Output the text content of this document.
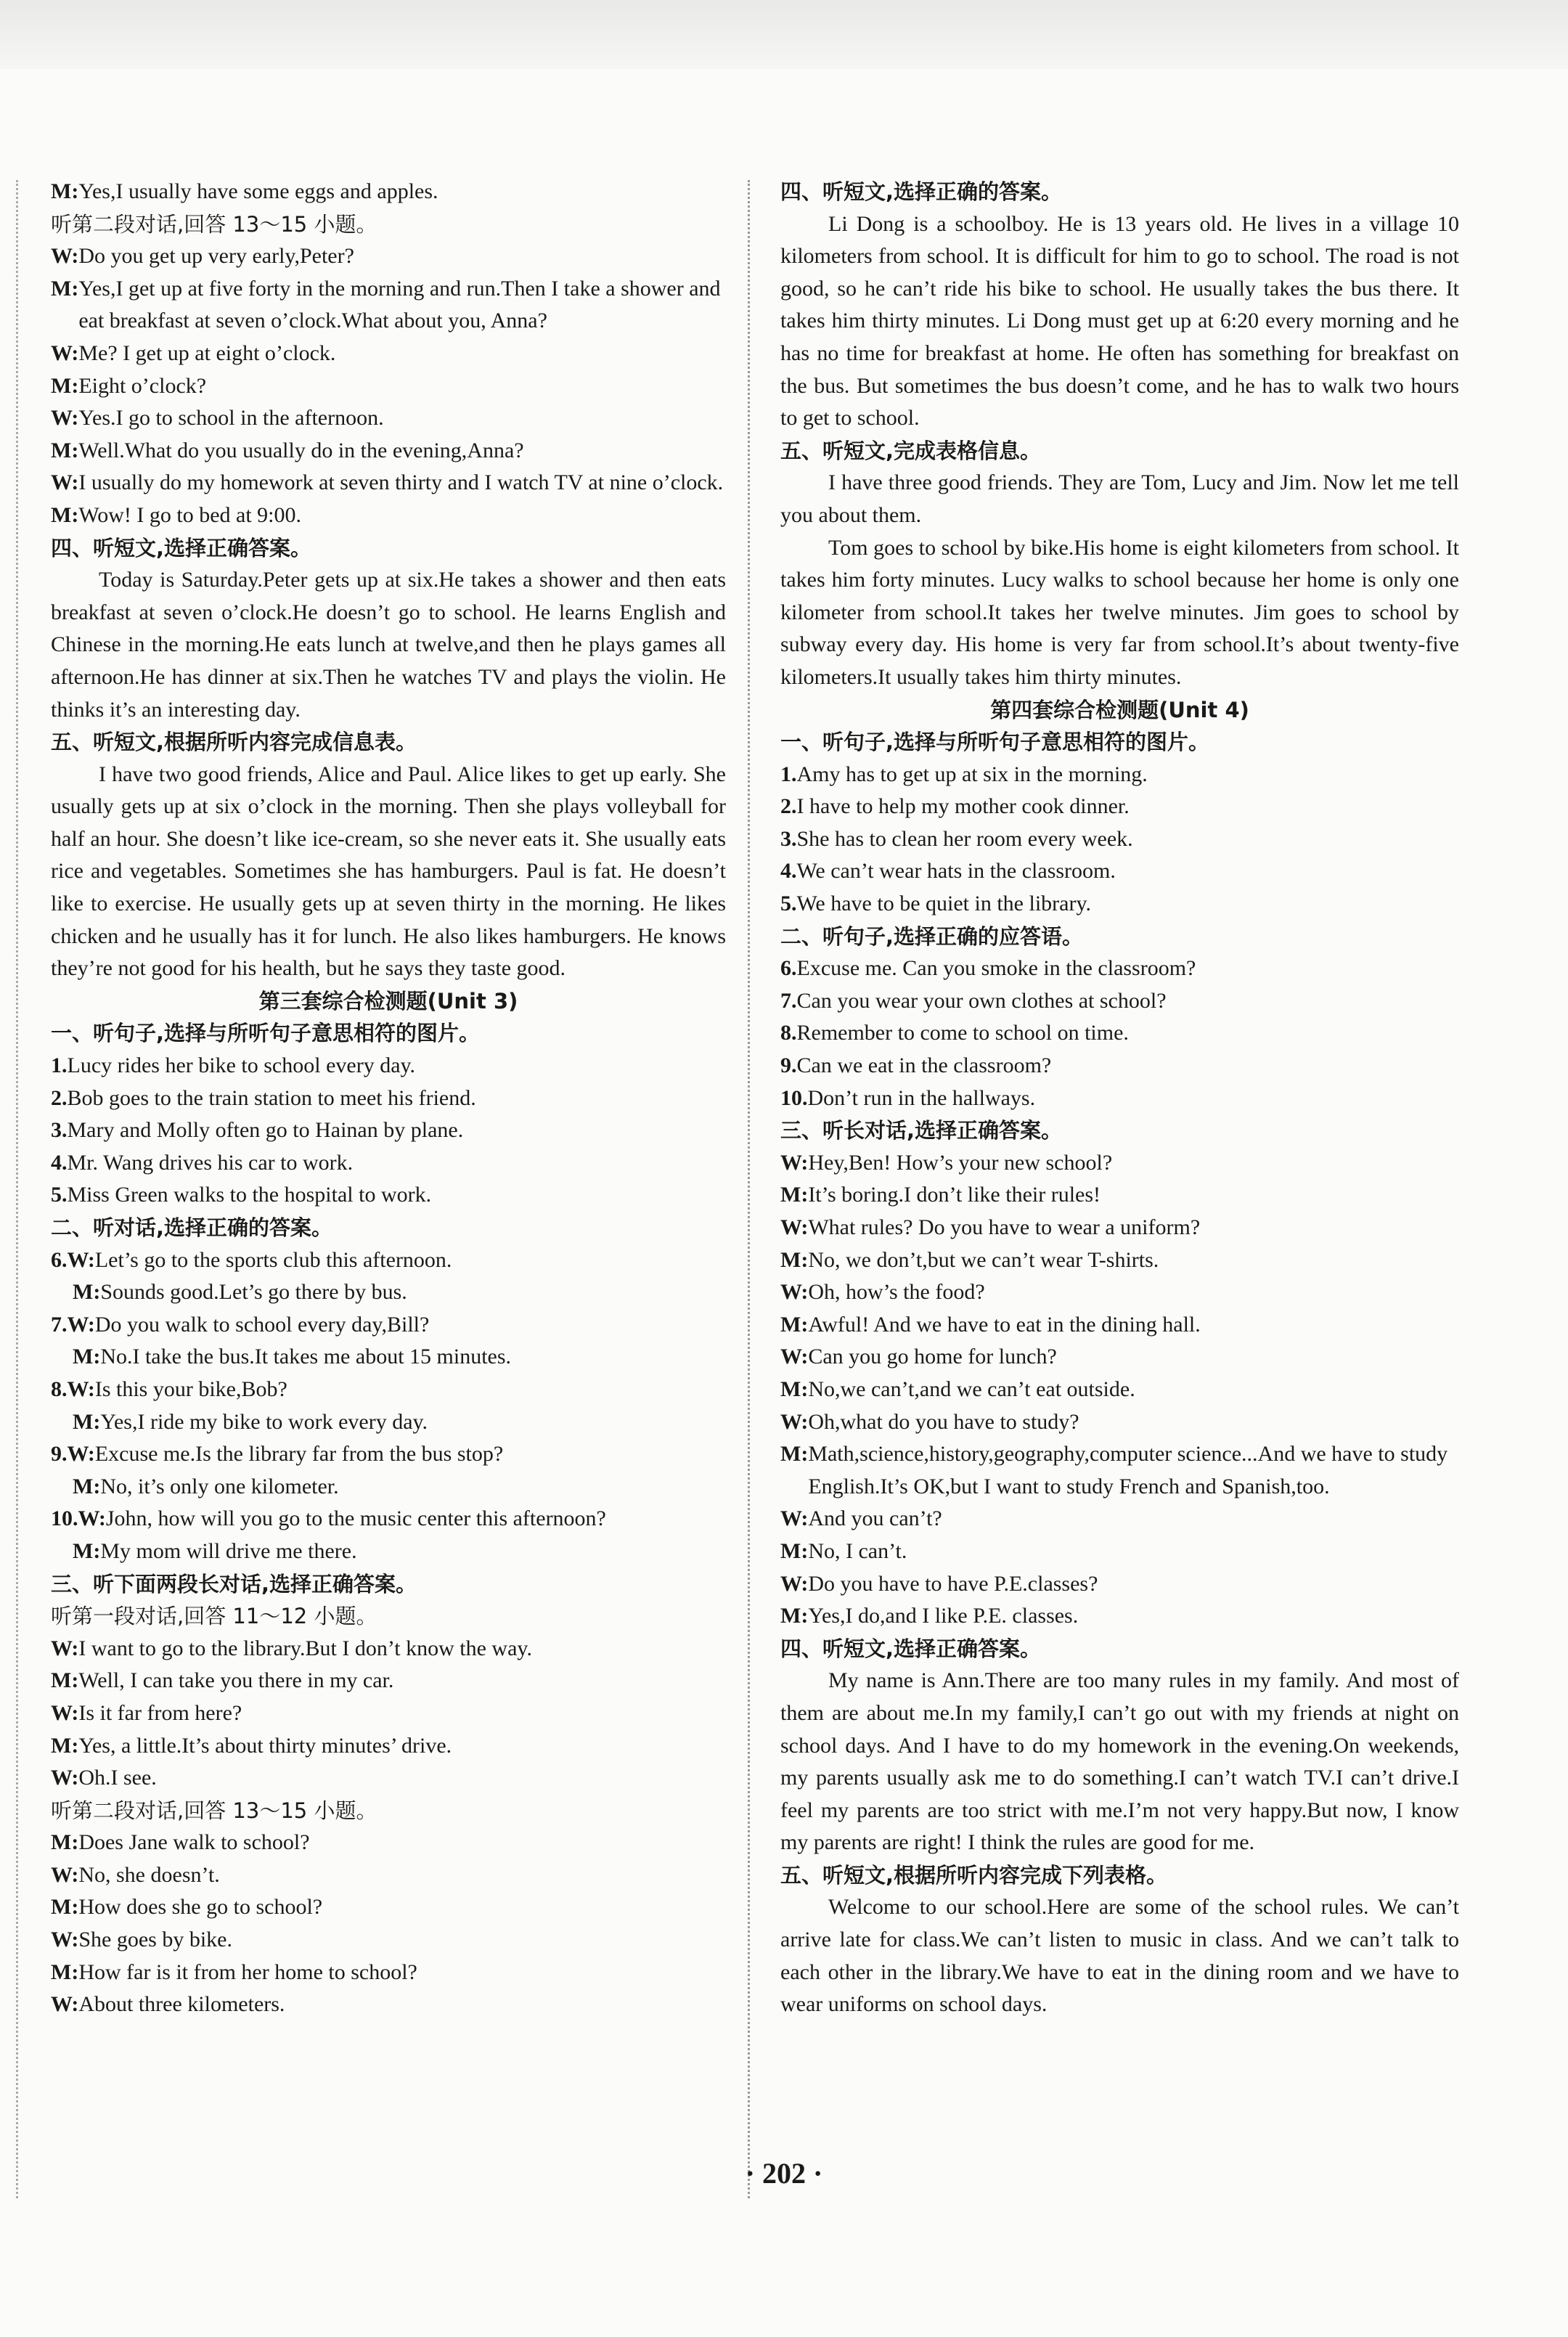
M: Yes,I usually have some eggs and apples.
听第二段对话,回答 13～15 小题。
W: Do you get up very early,Peter?
M: Yes,I get up at five forty in the morning and run.Then I take a shower and eat breakfast at seven o’clock.What about you, Anna?
W: Me? I get up at eight o’clock.
M: Eight o’clock?
W: Yes.I go to school in the afternoon.
M: Well.What do you usually do in the evening,Anna?
W: I usually do my homework at seven thirty and I watch TV at nine o’clock.
M: Wow! I go to bed at 9:00.
四、听短文,选择正确答案。
Today is Saturday.Peter gets up at six.He takes a shower and then eats breakfast at seven o’clock.He doesn’t go to school. He learns English and Chinese in the morning.He eats lunch at twelve,and then he plays games all afternoon.He has dinner at six.Then he watches TV and plays the violin. He thinks it’s an interesting day.
五、听短文,根据所听内容完成信息表。
I have two good friends, Alice and Paul. Alice likes to get up early. She usually gets up at six o’clock in the morning. Then she plays volleyball for half an hour. She doesn’t like ice-cream, so she never eats it. She usually eats rice and vegetables. Sometimes she has hamburgers. Paul is fat. He doesn’t like to exercise. He usually gets up at seven thirty in the morning. He likes chicken and he usually has it for lunch. He also likes hamburgers. He knows they’re not good for his health, but he says they taste good.
第三套综合检测题(Unit 3)
一、听句子,选择与所听句子意思相符的图片。
1.Lucy rides her bike to school every day.
2.Bob goes to the train station to meet his friend.
3.Mary and Molly often go to Hainan by plane.
4.Mr. Wang drives his car to work.
5.Miss Green walks to the hospital to work.
二、听对话,选择正确的答案。
6.W: Let’s go to the sports club this afternoon.
M: Sounds good.Let’s go there by bus.
7.W: Do you walk to school every day,Bill?
M: No.I take the bus.It takes me about 15 minutes.
8.W: Is this your bike,Bob?
M: Yes,I ride my bike to work every day.
9.W: Excuse me.Is the library far from the bus stop?
M: No, it’s only one kilometer.
10.W: John, how will you go to the music center this afternoon?
M: My mom will drive me there.
三、听下面两段长对话,选择正确答案。
听第一段对话,回答 11～12 小题。
W: I want to go to the library.But I don’t know the way.
M: Well, I can take you there in my car.
W: Is it far from here?
M: Yes, a little.It’s about thirty minutes’ drive.
W: Oh.I see.
听第二段对话,回答 13～15 小题。
M: Does Jane walk to school?
W: No, she doesn’t.
M: How does she go to school?
W: She goes by bike.
M: How far is it from her home to school?
W: About three kilometers.
四、听短文,选择正确的答案。
Li Dong is a schoolboy. He is 13 years old. He lives in a village 10 kilometers from school. It is difficult for him to go to school. The road is not good, so he can’t ride his bike to school. He usually takes the bus there. It takes him thirty minutes. Li Dong must get up at 6:20 every morning and he has no time for breakfast at home. He often has something for breakfast on the bus. But sometimes the bus doesn’t come, and he has to walk two hours to get to school.
五、听短文,完成表格信息。
I have three good friends. They are Tom, Lucy and Jim. Now let me tell you about them.
Tom goes to school by bike.His home is eight kilometers from school. It takes him forty minutes. Lucy walks to school because her home is only one kilometer from school.It takes her twelve minutes. Jim goes to school by subway every day. His home is very far from school.It’s about twenty-five kilometers.It usually takes him thirty minutes.
第四套综合检测题(Unit 4)
一、听句子,选择与所听句子意思相符的图片。
1.Amy has to get up at six in the morning.
2.I have to help my mother cook dinner.
3.She has to clean her room every week.
4.We can’t wear hats in the classroom.
5.We have to be quiet in the library.
二、听句子,选择正确的应答语。
6.Excuse me. Can you smoke in the classroom?
7.Can you wear your own clothes at school?
8.Remember to come to school on time.
9.Can we eat in the classroom?
10.Don’t run in the hallways.
三、听长对话,选择正确答案。
W: Hey,Ben! How’s your new school?
M: It’s boring.I don’t like their rules!
W: What rules? Do you have to wear a uniform?
M: No, we don’t,but we can’t wear T-shirts.
W: Oh, how’s the food?
M: Awful! And we have to eat in the dining hall.
W: Can you go home for lunch?
M: No,we can’t,and we can’t eat outside.
W: Oh,what do you have to study?
M: Math,science,history,geography,computer science...And we have to study English.It’s OK,but I want to study French and Spanish,too.
W: And you can’t?
M: No, I can’t.
W: Do you have to have P.E.classes?
M: Yes,I do,and I like P.E. classes.
四、听短文,选择正确答案。
My name is Ann.There are too many rules in my family. And most of them are about me.In my family,I can’t go out with my friends at night on school days. And I have to do my homework in the evening.On weekends, my parents usually ask me to do something.I can’t watch TV.I can’t drive.I feel my parents are too strict with me.I’m not very happy.But now, I know my parents are right! I think the rules are good for me.
五、听短文,根据所听内容完成下列表格。
Welcome to our school.Here are some of the school rules. We can’t arrive late for class.We can’t listen to music in class. And we can’t talk to each other in the library.We have to eat in the dining room and we have to wear uniforms on school days.
· 202 ·
